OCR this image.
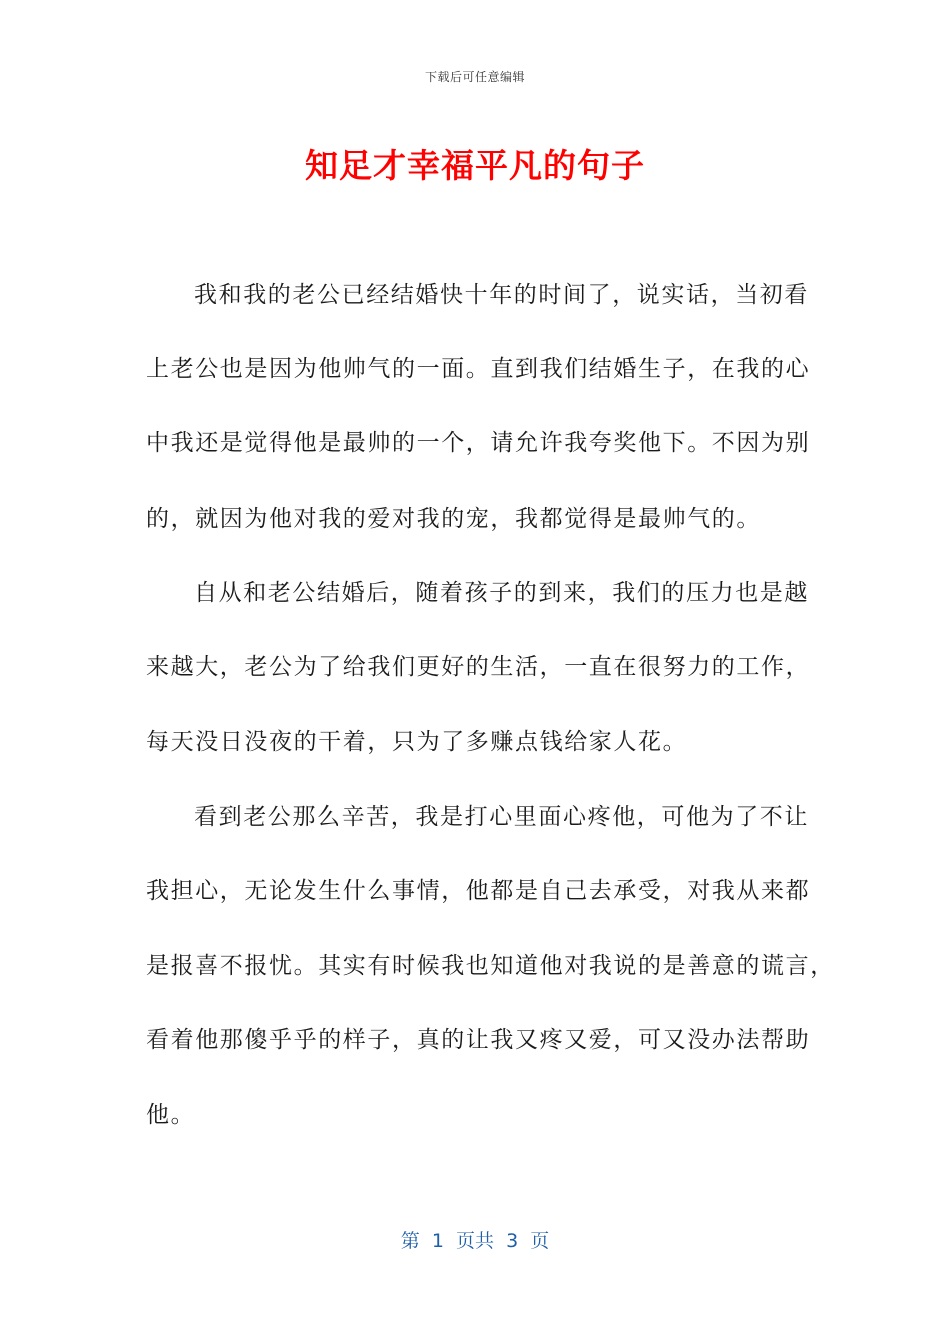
下载后可任意编辑
知足才幸福平凡的句子
我和我的老公已经结婚快十年的时间了，说实话，当初看
上老公也是因为他帅气的一面。直到我们结婚生子，在我的心
中我还是觉得他是最帅的一个，请允许我夸奖他下。不因为别
的，就因为他对我的爱对我的宠，我都觉得是最帅气的。
自从和老公结婚后，随着孩子的到来，我们的压力也是越
来越大，老公为了给我们更好的生活，一直在很努力的工作，
每天没日没夜的干着，只为了多赚点钱给家人花。
看到老公那么辛苦，我是打心里面心疼他，可他为了不让
我担心，无论发生什么事情，他都是自己去承受，对我从来都
是报喜不报忧。其实有时候我也知道他对我说的是善意的谎言，
看着他那傻乎乎的样子，真的让我又疼又爱，可又没办法帮助
他。
第  1  页共  3  页
